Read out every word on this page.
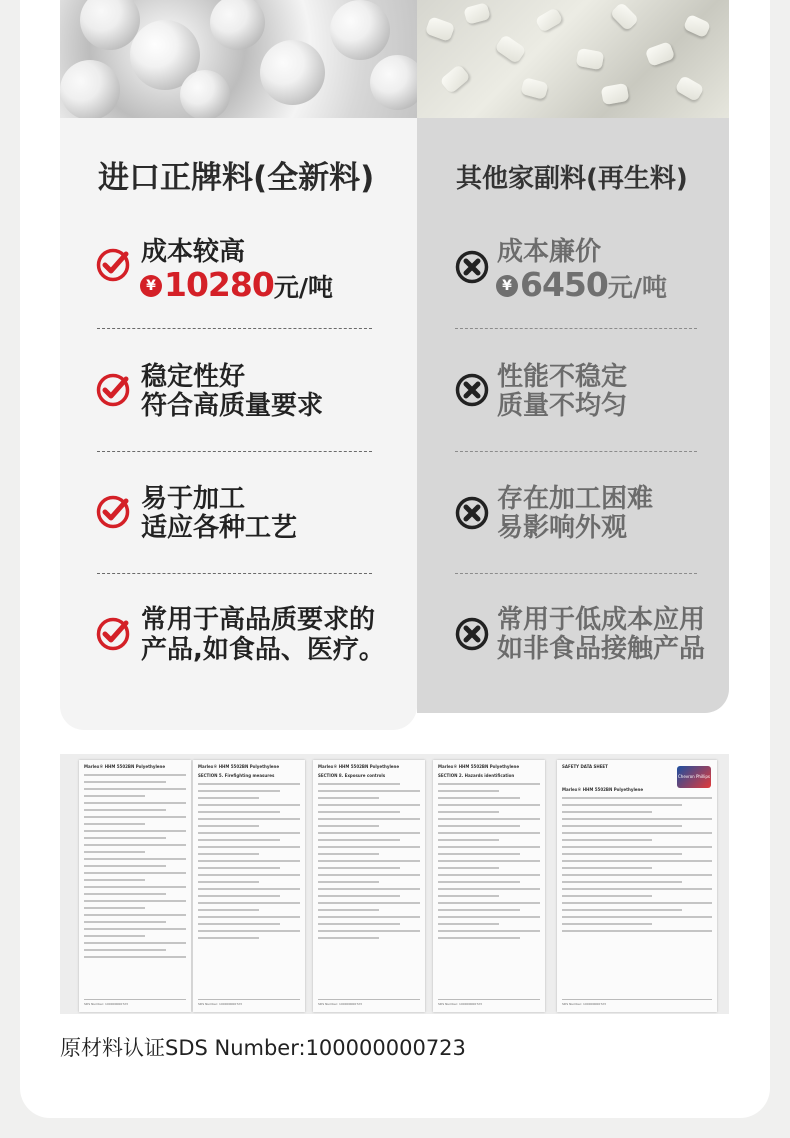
进口正牌料(全新料)	其他家副料(再生料)
成本较高
¥ 10280元/吨
稳定性好
符合高质量要求
易于加工
适应各种工艺
常用于高品质要求的
产品,如食品、医疗。
成本廉价
¥ 6450元/吨
性能不稳定
质量不均匀
存在加工困难
易影响外观
常用于低成本应用
如非食品接触产品
Marlex® HHM 5502BN Polyethylene
SDS Number: 100000000723
Marlex® HHM 5502BN Polyethylene
SECTION 5. Firefighting measures
SDS Number: 100000000723
Marlex® HHM 5502BN Polyethylene
SECTION 8. Exposure controls
SDS Number: 100000000723
Marlex® HHM 5502BN Polyethylene
SECTION 2. Hazards identification
SDS Number: 100000000723
SAFETY DATA SHEET
Chevron Phillips
Marlex® HHM 5502BN Polyethylene
SDS Number: 100000000723
原材料认证SDS Number:100000000723
